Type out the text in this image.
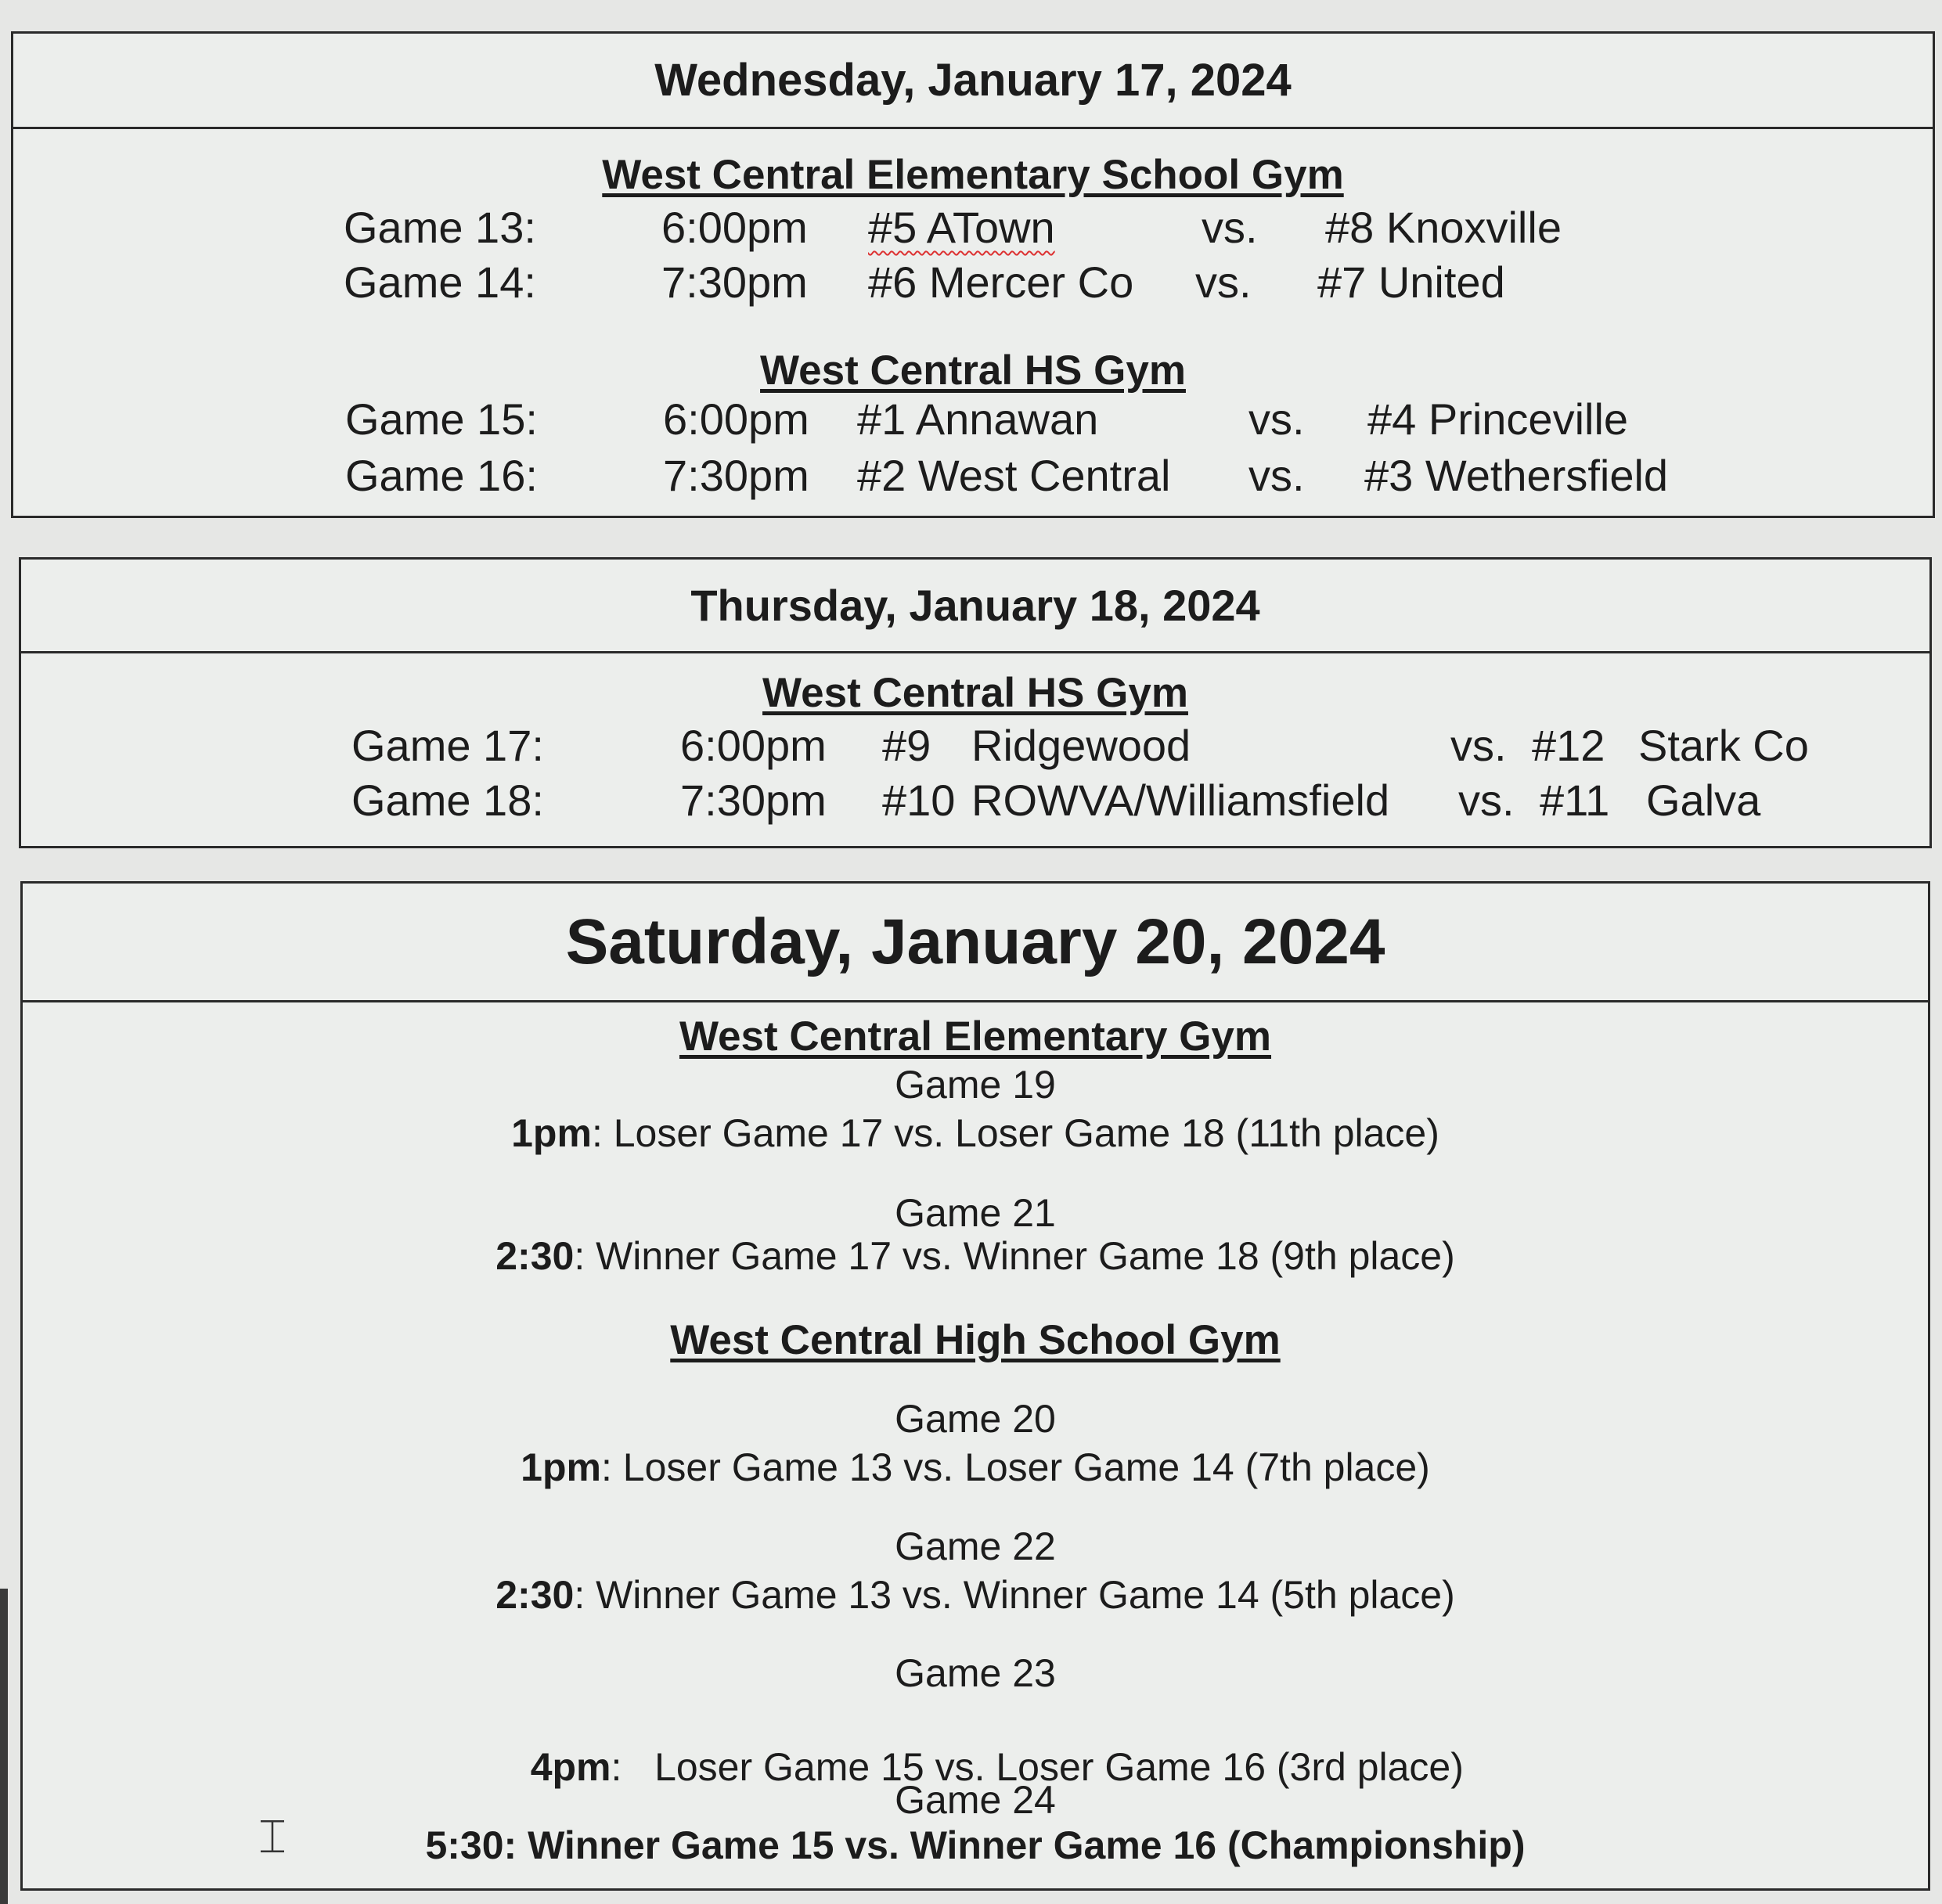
Wednesday, January 17, 2024
West Central Elementary School Gym
Game 13:	6:00pm #5 ATown	vs. #8 Knoxville
Game 14:	7:30pm #6 Mercer Co vs. #7 United
West Central HS Gym
Game 15:	6:00pm #1 Annawan	vs. #4 Princeville
Game 16:	7:30pm #2 West Central vs. #3 Wethersfield
Thursday, January 18, 2024
West Central HS Gym
Game 17:	6:00pm #9 Ridgewood	vs. #12 Stark Co
Game 18:	7:30pm #10 ROWVA/Williamsfield vs. #11 Galva
Saturday, January 20, 2024
West Central Elementary Gym
Game 19
1pm: Loser Game 17 vs. Loser Game 18 (11th place)
Game 21
2:30: Winner Game 17 vs. Winner Game 18 (9th place)
West Central High School Gym
Game 20
1pm: Loser Game 13 vs. Loser Game 14 (7th place)
Game 22
2:30: Winner Game 13 vs. Winner Game 14 (5th place)
Game 23

4pm:   Loser Game 15 vs. Loser Game 16 (3rd place)

Game 24
5:30: Winner Game 15 vs. Winner Game 16 (Championship)
⌶
